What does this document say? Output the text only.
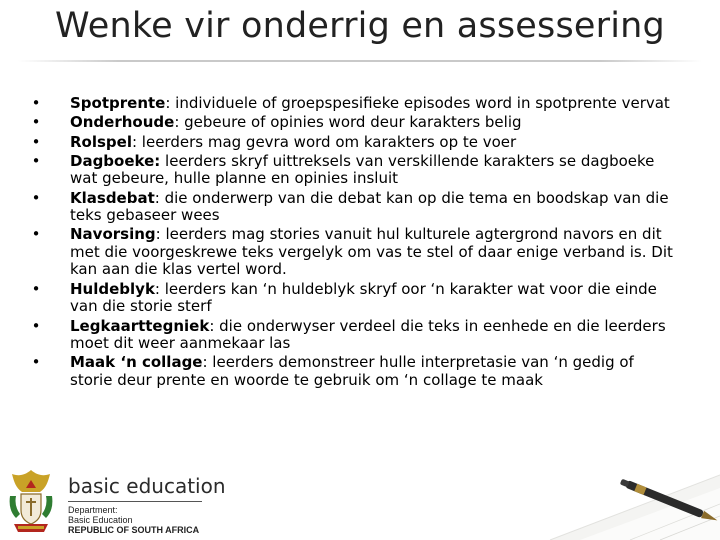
Wenke vir onderrig en assessering
• Spotprente: individuele of groepspesifieke episodes word in spotprente vervat
• Onderhoude: gebeure of opinies word deur karakters belig
• Rolspel: leerders mag gevra word om karakters op te voer
• Dagboeke: leerders skryf uittreksels van verskillende karakters se dagboeke wat gebeure, hulle planne en opinies insluit
• Klasdebat: die onderwerp van die debat kan op die tema en boodskap van die teks gebaseer wees
• Navorsing: leerders mag stories vanuit hul kulturele agtergrond navors en dit met die voorgeskrewe teks vergelyk om vas te stel of daar enige verband is. Dit kan aan die klas vertel word.
• Huldeblyk: leerders kan ‘n huldeblyk skryf oor ‘n karakter wat voor die einde van die storie sterf
• Legkaarttegniek: die onderwyser verdeel die teks in eenhede en die leerders moet dit weer aanmekaar las
• Maak ‘n collage: leerders demonstreer hulle interpretasie van ‘n gedig of storie deur prente en woorde te gebruik om ‘n collage te maak
basic education
Department:
Basic Education
REPUBLIC OF SOUTH AFRICA
